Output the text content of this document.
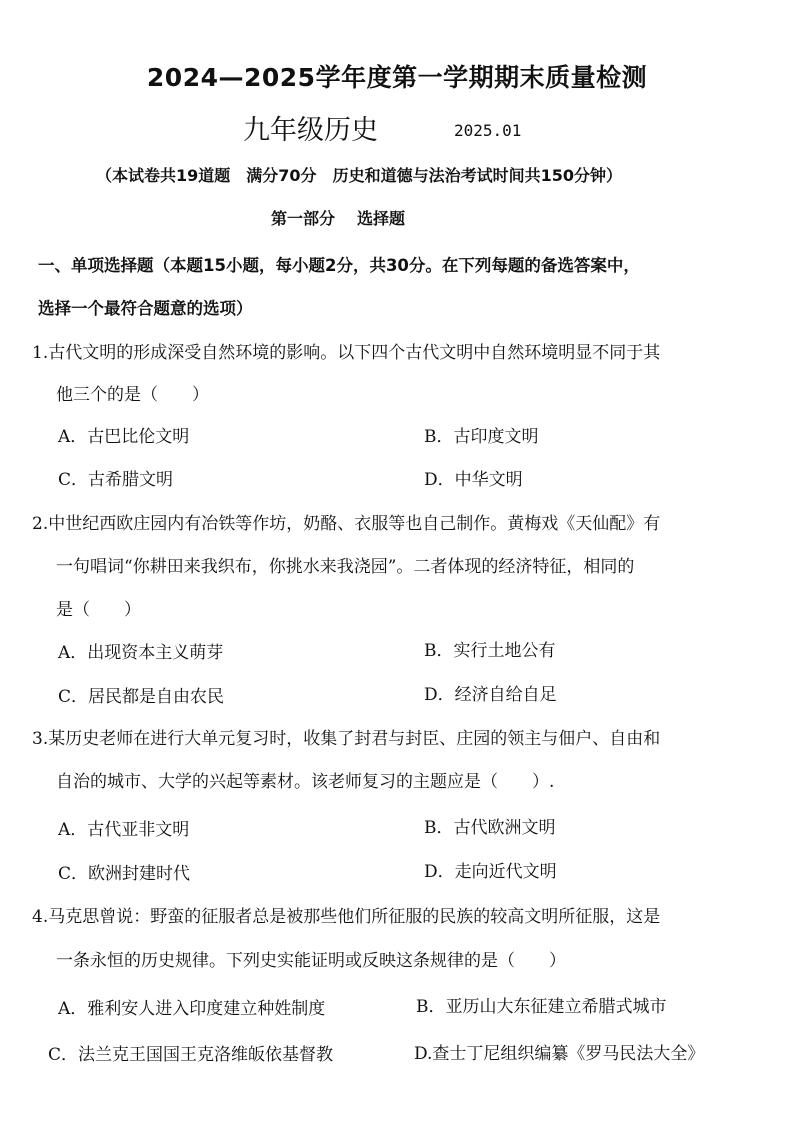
2024—2025学年度第一学期期末质量检测
九年级历史	2025.01
（本试卷共19道题 满分70分 历史和道德与法治考试时间共150分钟）
第一部分 选择题
一、单项选择题（本题15小题，每小题2分，共30分。在下列每题的备选答案中，
选择一个最符合题意的选项）
1.古代文明的形成深受自然环境的影响。以下四个古代文明中自然环境明显不同于其
他三个的是（　　）
A．古巴比伦文明	B．古印度文明
C．古希腊文明	D．中华文明
2.中世纪西欧庄园内有冶铁等作坊，奶酪、衣服等也自己制作。黄梅戏《天仙配》有
一句唱词“你耕田来我织布，你挑水来我浇园”。二者体现的经济特征，相同的
是（　　）
A．出现资本主义萌芽	B．实行土地公有
C．居民都是自由农民	D．经济自给自足
3.某历史老师在进行大单元复习时，收集了封君与封臣、庄园的领主与佃户、自由和
自治的城市、大学的兴起等素材。该老师复习的主题应是（　　）.
A．古代亚非文明	B．古代欧洲文明
C．欧洲封建时代	D．走向近代文明
4.马克思曾说：野蛮的征服者总是被那些他们所征服的民族的较高文明所征服，这是
一条永恒的历史规律。下列史实能证明或反映这条规律的是（　　）
A．雅利安人进入印度建立种姓制度	B．亚历山大东征建立希腊式城市
C．法兰克王国国王克洛维皈依基督教	D.查士丁尼组织编纂《罗马民法大全》
